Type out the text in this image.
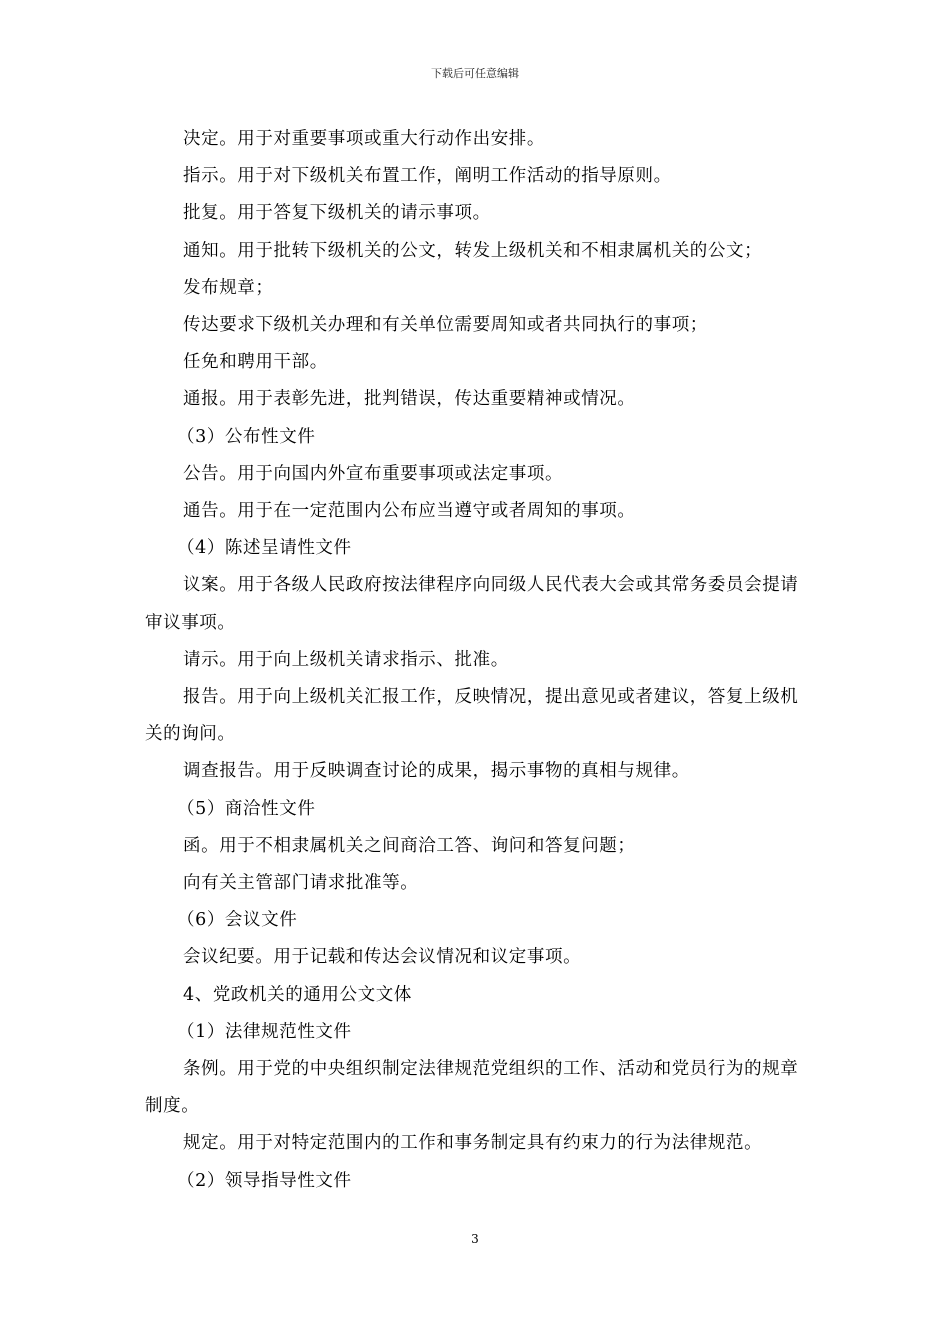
下载后可任意编辑

决定。用于对重要事项或重大行动作出安排。

指示。用于对下级机关布置工作，阐明工作活动的指导原则。

批复。用于答复下级机关的请示事项。

通知。用于批转下级机关的公文，转发上级机关和不相隶属机关的公文；

发布规章；

传达要求下级机关办理和有关单位需要周知或者共同执行的事项；

任免和聘用干部。

通报。用于表彰先进，批判错误，传达重要精神或情况。

（3）公布性文件

公告。用于向国内外宣布重要事项或法定事项。

通告。用于在一定范围内公布应当遵守或者周知的事项。

（4）陈述呈请性文件

议案。用于各级人民政府按法律程序向同级人民代表大会或其常务委员会提请审议事项。

请示。用于向上级机关请求指示、批准。

报告。用于向上级机关汇报工作，反映情况，提出意见或者建议，答复上级机关的询问。

调查报告。用于反映调查讨论的成果，揭示事物的真相与规律。

（5）商洽性文件

函。用于不相隶属机关之间商洽工答、询问和答复问题；

向有关主管部门请求批准等。

（6）会议文件

会议纪要。用于记载和传达会议情况和议定事项。

4、党政机关的通用公文文体

（1）法律规范性文件

条例。用于党的中央组织制定法律规范党组织的工作、活动和党员行为的规章制度。

规定。用于对特定范围内的工作和事务制定具有约束力的行为法律规范。

（2）领导指导性文件

3
